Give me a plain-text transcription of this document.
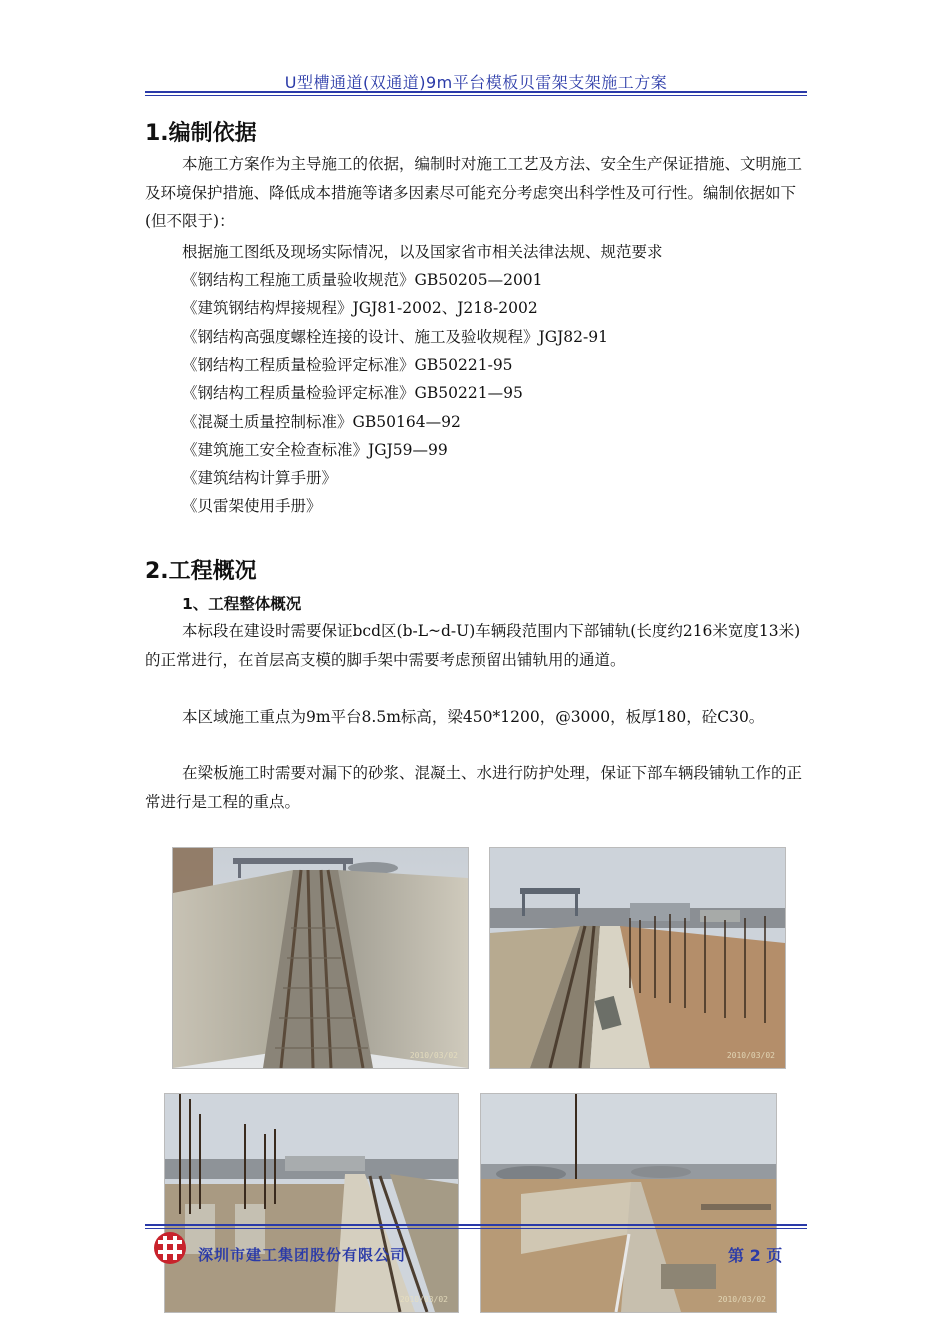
U型槽通道(双通道)9m平台模板贝雷架支架施工方案
1.编制依据
本施工方案作为主导施工的依据，编制时对施工工艺及方法、安全生产保证措施、文明施工及环境保护措施、降低成本措施等诸多因素尽可能充分考虑突出科学性及可行性。编制依据如下(但不限于)：
根据施工图纸及现场实际情况，以及国家省市相关法律法规、规范要求
《钢结构工程施工质量验收规范》GB50205—2001
《建筑钢结构焊接规程》JGJ81-2002、J218-2002
《钢结构高强度螺栓连接的设计、施工及验收规程》JGJ82-91
《钢结构工程质量检验评定标准》GB50221-95
《钢结构工程质量检验评定标准》GB50221—95
《混凝土质量控制标准》GB50164—92
《建筑施工安全检查标准》JGJ59—99
《建筑结构计算手册》
《贝雷架使用手册》
2.工程概况
1、工程整体概况
本标段在建设时需要保证bcd区(b-L~d-U)车辆段范围内下部铺轨(长度约216米宽度13米)的正常进行，在首层高支模的脚手架中需要考虑预留出铺轨用的通道。
本区域施工重点为9m平台8.5m标高，梁450*1200，@3000，板厚180，砼C30。
在梁板施工时需要对漏下的砂浆、混凝土、水进行防护处理，保证下部车辆段铺轨工作的正常进行是工程的重点。
2010/03/02	2010/03/02
2010/03/02	2010/03/02
深圳市建工集团股份有限公司	第 2 页
